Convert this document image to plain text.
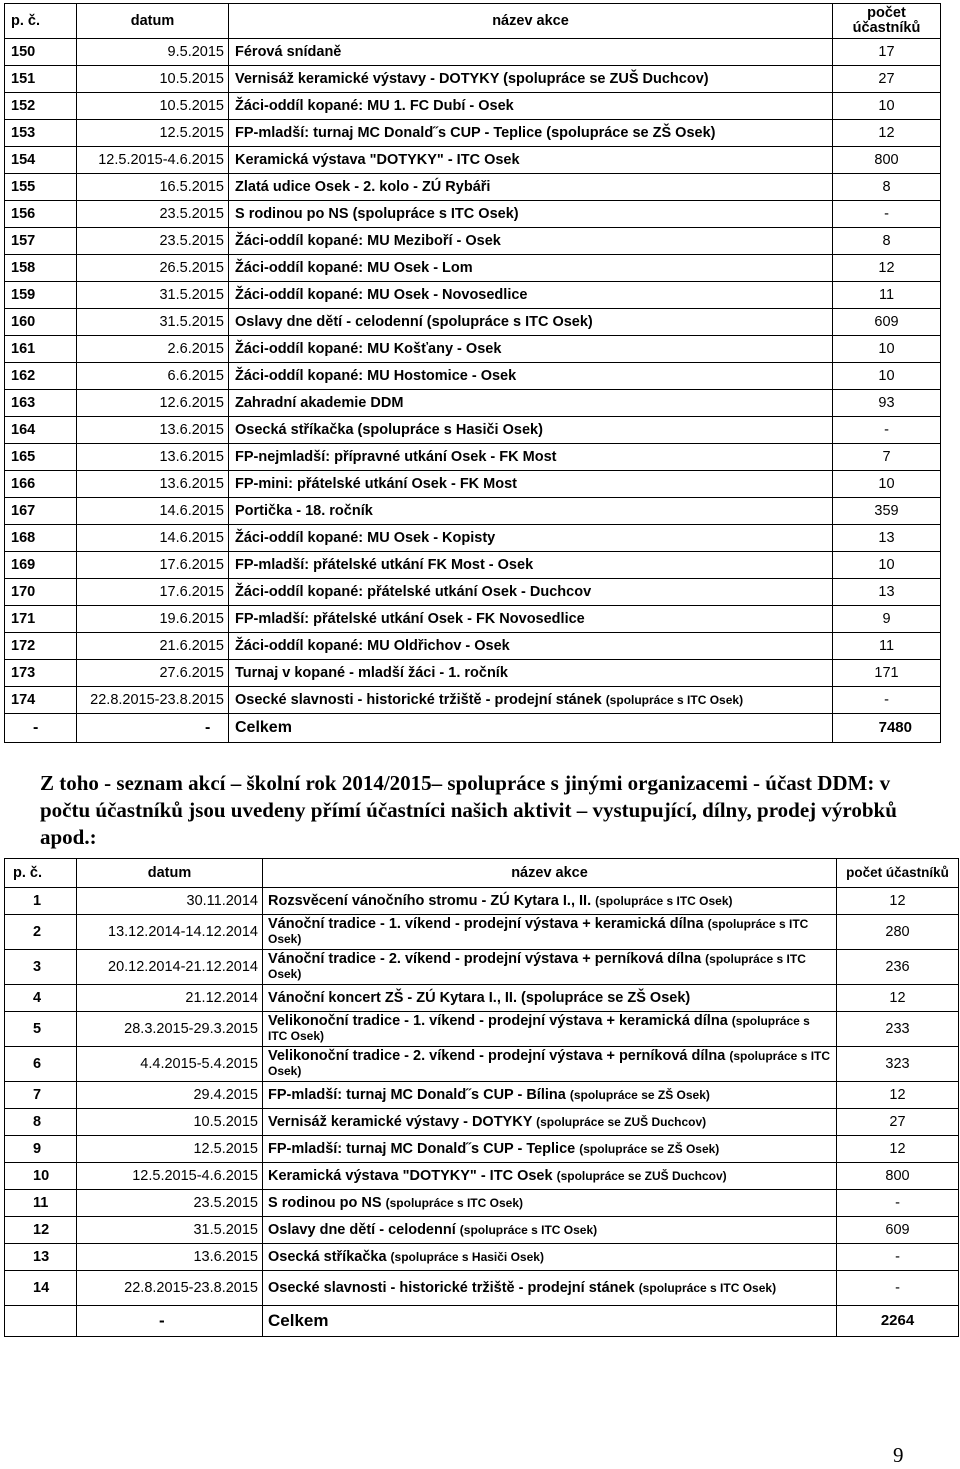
p. č.	datum	název akce	počet
účastníků

150	9.5.2015	Férová snídaně	17
151	10.5.2015	Vernisáž keramické výstavy - DOTYKY (spolupráce se ZUŠ Duchcov)	27
152	10.5.2015	Žáci-oddíl kopané: MU 1. FC Dubí - Osek	10
153	12.5.2015	FP-mladší: turnaj MC Donald˝s CUP - Teplice (spolupráce se ZŠ Osek)	12
154	12.5.2015-4.6.2015	Keramická výstava "DOTYKY" - ITC Osek	800
155	16.5.2015	Zlatá udice Osek - 2. kolo - ZÚ Rybáři	8
156	23.5.2015	S rodinou po NS (spolupráce s ITC Osek)	-
157	23.5.2015	Žáci-oddíl kopané: MU Meziboří - Osek	8
158	26.5.2015	Žáci-oddíl kopané: MU Osek - Lom	12
159	31.5.2015	Žáci-oddíl kopané: MU Osek - Novosedlice	11
160	31.5.2015	Oslavy dne dětí - celodenní (spolupráce s ITC Osek)	609
161	2.6.2015	Žáci-oddíl kopané: MU Košťany - Osek	10
162	6.6.2015	Žáci-oddíl kopané: MU Hostomice - Osek	10
163	12.6.2015	Zahradní akademie DDM	93
164	13.6.2015	Osecká stříkačka (spolupráce s Hasiči Osek)	-
165	13.6.2015	FP-nejmladší: přípravné utkání Osek - FK Most	7
166	13.6.2015	FP-mini: přátelské utkání Osek - FK Most	10
167	14.6.2015	Portička - 18. ročník	359
168	14.6.2015	Žáci-oddíl kopané: MU Osek - Kopisty	13
169	17.6.2015	FP-mladší: přátelské utkání FK Most - Osek	10
170	17.6.2015	Žáci-oddíl kopané: přátelské utkání Osek - Duchcov	13
171	19.6.2015	FP-mladší: přátelské utkání Osek - FK Novosedlice	9
172	21.6.2015	Žáci-oddíl kopané: MU Oldřichov - Osek	11
173	27.6.2015	Turnaj v kopané - mladší žáci - 1. ročník	171
174	22.8.2015-23.8.2015	Osecké slavnosti - historické tržiště - prodejní stánek (spolupráce s ITC Osek)	-
-	-	Celkem	7480

Z toho - seznam akcí – školní rok 2014/2015– spolupráce s jinými organizacemi - účast DDM: v počtu účastníků jsou uvedeny přímí účastníci našich aktivit – vystupující, dílny, prodej výrobků apod.:

p. č.	datum	název akce	počet účastníků
1	30.11.2014	Rozsvěcení vánočního stromu - ZÚ Kytara I., II. (spolupráce s ITC Osek)	12
2	13.12.2014-14.12.2014	Vánoční tradice - 1. víkend - prodejní výstava + keramická dílna (spolupráce s ITC Osek)	280
3	20.12.2014-21.12.2014	Vánoční tradice - 2. víkend - prodejní výstava + perníková dílna (spolupráce s ITC Osek)	236
4	21.12.2014	Vánoční koncert ZŠ - ZÚ Kytara I., II. (spolupráce se ZŠ Osek)	12
5	28.3.2015-29.3.2015	Velikonoční tradice - 1. víkend - prodejní výstava + keramická dílna (spolupráce s ITC Osek)	233
6	4.4.2015-5.4.2015	Velikonoční tradice - 2. víkend - prodejní výstava + perníková dílna (spolupráce s ITC Osek)	323
7	29.4.2015	FP-mladší: turnaj MC Donald˝s CUP - Bílina (spolupráce se ZŠ Osek)	12
8	10.5.2015	Vernisáž keramické výstavy - DOTYKY (spolupráce se ZUŠ Duchcov)	27
9	12.5.2015	FP-mladší: turnaj MC Donald˝s CUP - Teplice (spolupráce se ZŠ Osek)	12
10	12.5.2015-4.6.2015	Keramická výstava "DOTYKY" - ITC Osek (spolupráce se ZUŠ Duchcov)	800
11	23.5.2015	S rodinou po NS (spolupráce s ITC Osek)	-
12	31.5.2015	Oslavy dne dětí - celodenní (spolupráce s ITC Osek)	609
13	13.6.2015	Osecká stříkačka (spolupráce s Hasiči Osek)	-
14	22.8.2015-23.8.2015	Osecké slavnosti - historické tržiště - prodejní stánek (spolupráce s ITC Osek)	-
	-	Celkem	2264
9
